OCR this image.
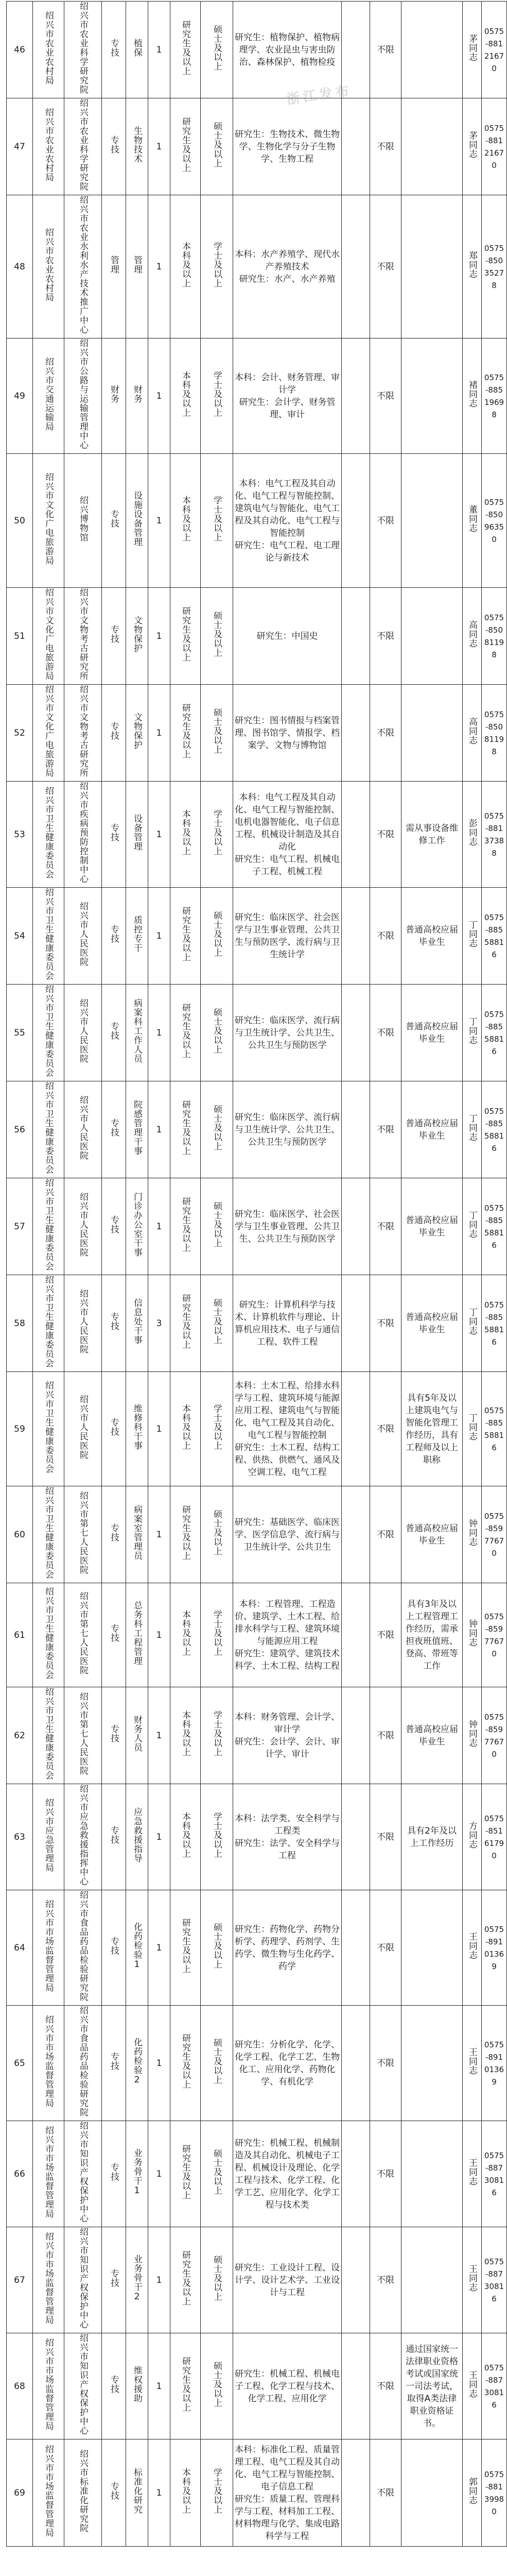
46	绍兴市农业农村局	绍兴市农业科学研究院	专技	植保	1	研究生及以上	硕士及以上	研究生：植物保护、植物病理学、农业昆虫与害虫防治、森林保护、植物检疫		不限		茅同志	0575-88121670
47	绍兴市农业农村局	绍兴市农业科学研究院	专技	生物技术	1	研究生及以上	硕士及以上	研究生：生物技术、微生物学、生物化学与分子生物学、生物工程		不限		茅同志	0575-88121670
48	绍兴市农业农村局	绍兴市农业水利水产技术推广中心	管理	管理	1	本科及以上	学士及以上	本科：水产养殖学、现代水产养殖技术
研究生：水产、水产养殖		不限		郑同志	0575-85035278
49	绍兴市交通运输局	绍兴市公路与运输管理中心	财务	财务	1	本科及以上	学士及以上	本科：会计、财务管理、审计学
研究生：会计学、财务管理、审计		不限		褚同志	0575-88519698
50	绍兴市文化广电旅游局	绍兴博物馆	专技	设施设备管理	1	本科及以上	学士及以上	本科：电气工程及其自动化、电气工程与智能控制、建筑电气与智能化、电气工程及其自动化、电气工程与智能控制
研究生：电气工程、电工理论与新技术		不限		董同志	0575-85096350
51	绍兴市文化广电旅游局	绍兴市文物考古研究所	专技	文物保护	1	研究生及以上	硕士及以上	研究生：中国史		不限		高同志	0575-85081198
52	绍兴市文化广电旅游局	绍兴市文物考古研究所	专技	文物保护	1	研究生及以上	硕士及以上	研究生：图书情报与档案管理、图书馆学、情报学、档案学、文物与博物馆		不限		高同志	0575-85081198
53	绍兴市卫生健康委员会	绍兴市疾病预防控制中心	专技	设备管理	1	本科及以上	学士及以上	本科：电气工程及其自动化、电气工程与智能控制、电机电器智能化、电子信息工程、机械设计制造及其自动化
研究生：电气工程、机械电子工程、机械工程		不限	需从事设备维修工作	彭同志	0575-88137388
54	绍兴市卫生健康委员会	绍兴市人民医院	专技	质控专干	1	研究生及以上	硕士及以上	研究生：临床医学、社会医学与卫生事业管理、公共卫生与预防医学、流行病与卫生统计学		不限	普通高校应届毕业生	丁同志	0575-88558816
55	绍兴市卫生健康委员会	绍兴市人民医院	专技	病案科工作人员	1	研究生及以上	硕士及以上	研究生：临床医学、流行病与卫生统计学、公共卫生、公共卫生与预防医学		不限	普通高校应届毕业生	丁同志	0575-88558816
56	绍兴市卫生健康委员会	绍兴市人民医院	专技	院感管理干事	1	研究生及以上	硕士及以上	研究生：临床医学、流行病与卫生统计学、公共卫生、公共卫生与预防医学		不限	普通高校应届毕业生	丁同志	0575-88558816
57	绍兴市卫生健康委员会	绍兴市人民医院	专技	门诊办公室干事	1	研究生及以上	硕士及以上	研究生：临床医学、社会医学与卫生事业管理、公共卫生、公共卫生与预防医学		不限	普通高校应届毕业生	丁同志	0575-88558816
58	绍兴市卫生健康委员会	绍兴市人民医院	专技	信息处干事	3	研究生及以上	硕士及以上	研究生：计算机科学与技术、计算机软件与理论、计算机应用技术、电子与通信工程、软件工程		不限	普通高校应届毕业生	丁同志	0575-88558816
59	绍兴市卫生健康委员会	绍兴市人民医院	专技	维修科干事	1	本科及以上	学士及以上	本科：土木工程、给排水科学与工程、建筑环境与能源应用工程、建筑电气与智能化、电气工程及其自动化、电气工程与智能控制
研究生：土木工程、结构工程、供热、供燃气、通风及空调工程、电气工程		不限	具有5年及以上建筑电气与智能化管理工作经历，具有工程师及以上职称	丁同志	0575-88558816
60	绍兴市卫生健康委员会	绍兴市第七人民医院	专技	病案室管理员	1	研究生及以上	硕士及以上	研究生：基础医学、临床医学、医学信息学、流行病与卫生统计学、公共卫生		不限	普通高校应届毕业生	钟同志	0575-85977670
61	绍兴市卫生健康委员会	绍兴市第七人民医院	专技	总务科工程管理	1	本科及以上	学士及以上	本科：工程管理、工程造价、建筑学、土木工程、给排水科学与工程、建筑环境与能源应用工程
研究生：建筑学、建筑技术科学、土木工程、结构工程		不限	具有3年及以上工程管理工作经历，需承担夜班值班、登高、带班等工作	钟同志	0575-85977670
62	绍兴市卫生健康委员会	绍兴市第七人民医院	专技	财务人员	1	本科及以上	学士及以上	本科：财务管理、会计学、审计学
研究生：会计学、会计、审计学、审计		不限	普通高校应届毕业生	钟同志	0575-85977670
63	绍兴市应急管理局	绍兴市应急救援指挥中心	专技	应急救援指导	1	本科及以上	学士及以上	本科：法学类、安全科学与工程类
研究生：法学、安全科学与工程		不限	具有2年及以上工作经历	方同志	0575-85161790
64	绍兴市市场监督管理局	绍兴市食品药品检验研究院	专技	化药检验1	1	研究生及以上	硕士及以上	研究生：药物化学、药物分析学、药理学、药剂学、生药学、微生物与生化药学、药学		不限		王同志	0575-89101369
65	绍兴市市场监督管理局	绍兴市食品药品检验研究院	专技	化药检验2	1	研究生及以上	硕士及以上	研究生：分析化学、化学、化学工程、化学工艺、生物化工、应用化学、药物化学、有机化学		不限		王同志	0575-89101369
66	绍兴市市场监督管理局	绍兴市知识产权保护中心	专技	业务骨干1	1	研究生及以上	硕士及以上	研究生：机械工程、机械制造及其自动化、机械电子工程、机械设计及理论、化学工程与技术、化学工程、化学工艺、应用化学、化学工程与技术类		不限		王同志	0575-88730816
67	绍兴市市场监督管理局	绍兴市知识产权保护中心	专技	业务骨干2	1	研究生及以上	硕士及以上	研究生：工业设计工程、设计学、设计艺术学、工业设计与工程		不限		王同志	0575-88730816
68	绍兴市市场监督管理局	绍兴市知识产权保护中心	专技	维权援助	1	研究生及以上	硕士及以上	研究生：机械工程、机械电子工程、化学工程与技术、化学工程、应用化学		不限	通过国家统一法律职业资格考试或国家统一司法考试，取得A类法律职业资格证书。	王同志	0575-88730816
69	绍兴市市场监督管理局	绍兴市标准化研究院	专技	标准化研究	1	本科及以上	学士及以上	本科：标准化工程、质量管理工程、电气工程及其自动化、电气工程与智能控制、电子信息工程
研究生：质量工程、管理科学与工程、材料加工工程、材料物理与化学、集成电路科学与工程		不限		郭同志	0575-88139980
浙江发布
